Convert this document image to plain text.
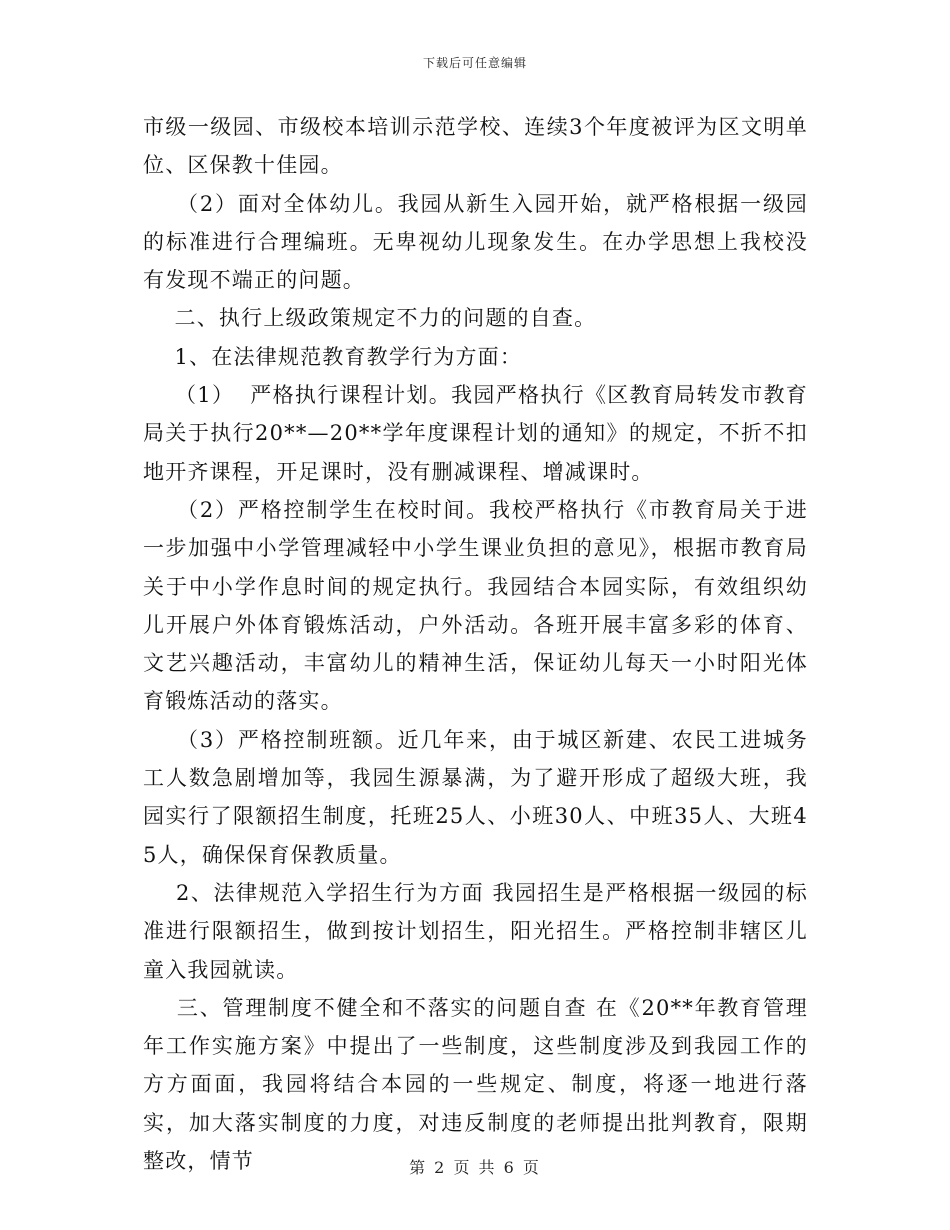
下载后可任意编辑

市级一级园、市级校本培训示范学校、连续3个年度被评为区文明单位、区保教十佳园。

（2）面对全体幼儿。我园从新生入园开始，就严格根据一级园的标准进行合理编班。无卑视幼儿现象发生。在办学思想上我校没有发现不端正的问题。

二、执行上级政策规定不力的问题的自查。

1、在法律规范教育教学行为方面：

（1）  严格执行课程计划。我园严格执行《区教育局转发市教育局关于执行20**—20**学年度课程计划的通知》的规定，不折不扣地开齐课程，开足课时，没有删减课程、增减课时。

（2）严格控制学生在校时间。我校严格执行《市教育局关于进一步加强中小学管理减轻中小学生课业负担的意见》，根据市教育局关于中小学作息时间的规定执行。我园结合本园实际，有效组织幼儿开展户外体育锻炼活动，户外活动。各班开展丰富多彩的体育、文艺兴趣活动，丰富幼儿的精神生活，保证幼儿每天一小时阳光体育锻炼活动的落实。

（3）严格控制班额。近几年来，由于城区新建、农民工进城务工人数急剧增加等，我园生源暴满，为了避开形成了超级大班，我园实行了限额招生制度，托班25人、小班30人、中班35人、大班45人，确保保育保教质量。

2、法律规范入学招生行为方面 我园招生是严格根据一级园的标准进行限额招生，做到按计划招生，阳光招生。严格控制非辖区儿童入我园就读。

三、管理制度不健全和不落实的问题自查 在《20**年教育管理年工作实施方案》中提出了一些制度，这些制度涉及到我园工作的方方面面，我园将结合本园的一些规定、制度，将逐一地进行落实，加大落实制度的力度，对违反制度的老师提出批判教育，限期整改，情节	第 2 页 共 6 页
